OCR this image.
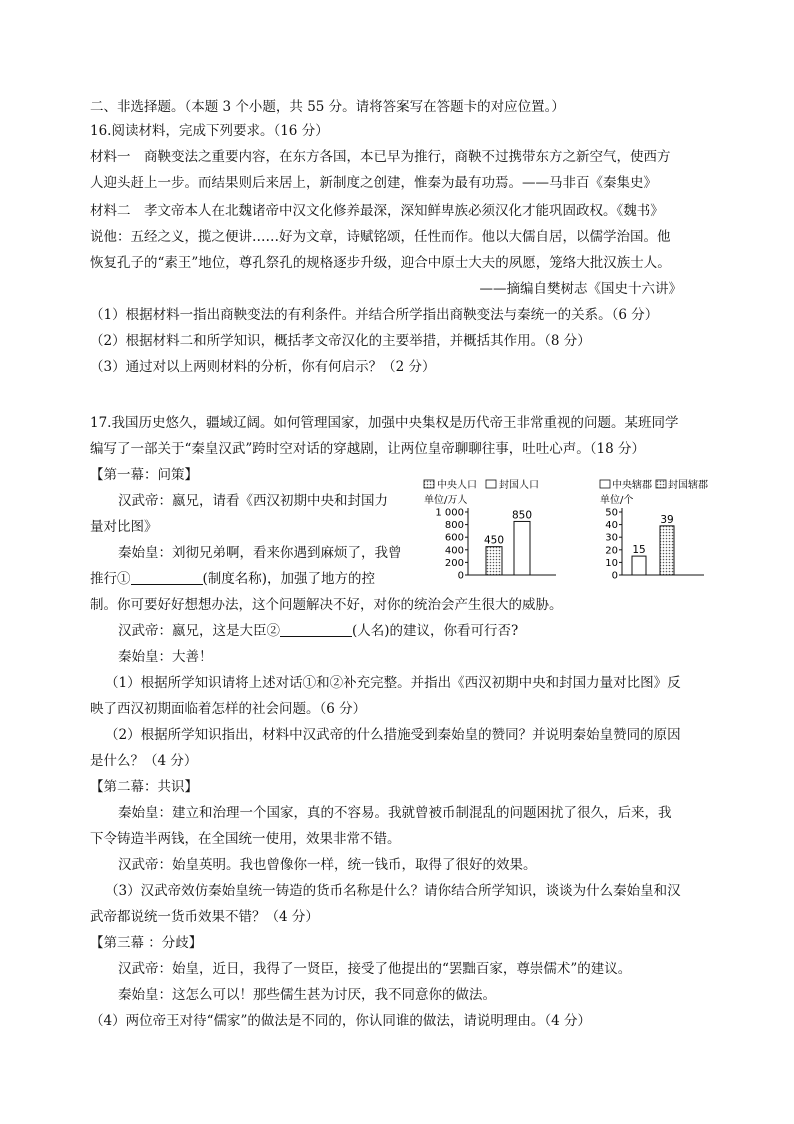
二、非选择题。（本题 3 个小题，共 55 分。请将答案写在答题卡的对应位置。）
16.阅读材料，完成下列要求。（16 分）
材料一　商鞅变法之重要内容，在东方各国，本已早为推行，商鞅不过携带东方之新空气，使西方
人迎头赶上一步。而结果则后来居上，新制度之创建，惟秦为最有功焉。——马非百《秦集史》
材料二　孝文帝本人在北魏诸帝中汉文化修养最深，深知鲜卑族必须汉化才能巩固政权。《魏书》
说他：五经之义，揽之便讲……好为文章，诗赋铭颂，任性而作。他以大儒自居，以儒学治国。他
恢复孔子的“素王”地位，尊孔祭孔的规格逐步升级，迎合中原士大夫的夙愿，笼络大批汉族士人。
——摘编自樊树志《国史十六讲》
（1）根据材料一指出商鞅变法的有利条件。并结合所学指出商鞅变法与秦统一的关系。（6 分）
（2）根据材料二和所学知识，概括孝文帝汉化的主要举措，并概括其作用。（8 分）
（3）通过对以上两则材料的分析，你有何启示？（2 分）
17.我国历史悠久，疆域辽阔。如何管理国家，加强中央集权是历代帝王非常重视的问题。某班同学
编写了一部关于“秦皇汉武”跨时空对话的穿越剧，让两位皇帝聊聊往事，吐吐心声。（18 分）
【第一幕：问策】
汉武帝：嬴兄，请看《西汉初期中央和封国力
量对比图》
秦始皇：刘彻兄弟啊，看来你遇到麻烦了，我曾
推行①	(制度名称)，加强了地方的控
制。你可要好好想想办法，这个问题解决不好，对你的统治会产生很大的威胁。
汉武帝：嬴兄，这是大臣②	(人名)的建议，你看可行否?
秦始皇：大善！
（1）根据所学知识请将上述对话①和②补充完整。并指出《西汉初期中央和封国力量对比图》反
映了西汉初期面临着怎样的社会问题。（6 分）
（2）根据所学知识指出，材料中汉武帝的什么措施受到秦始皇的赞同？并说明秦始皇赞同的原因
是什么？（4 分）
【第二幕：共识】
秦始皇：建立和治理一个国家，真的不容易。我就曾被币制混乱的问题困扰了很久，后来，我
下令铸造半两钱，在全国统一使用，效果非常不错。
汉武帝：始皇英明。我也曾像你一样，统一钱币，取得了很好的效果。
（3）汉武帝效仿秦始皇统一铸造的货币名称是什么？请你结合所学知识，谈谈为什么秦始皇和汉
武帝都说统一货币效果不错？（4 分）
【第三幕 ：分歧】
汉武帝：始皇，近日，我得了一贤臣，接受了他提出的“罢黜百家，尊崇儒术”的建议。
秦始皇：这怎么可以！那些儒生甚为讨厌，我不同意你的做法。
（4）两位帝王对待“儒家”的做法是不同的，你认同谁的做法，请说明理由。（4 分）
中央人口 封国人口
单位/万人
1 000
800
600
400
200
0
450
850
中央辖郡 封国辖郡
单位/个
50
40
30
20
10
0
15
39
